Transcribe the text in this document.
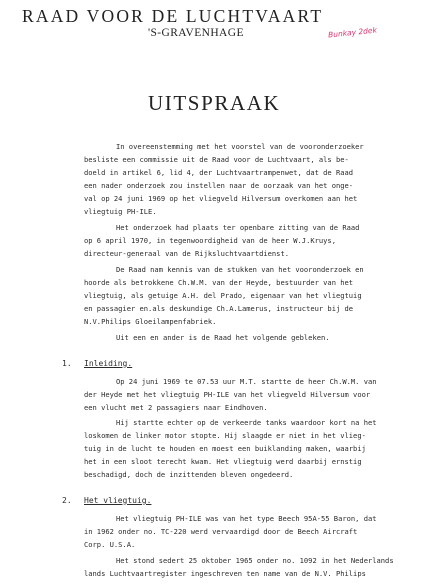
RAAD VOOR DE LUCHTVAART
'S-GRAVENHAGE	Bunkay 2dek
UITSPRAAK
In overeenstemming met het voorstel van de vooronderzoeker
besliste een commissie uit de Raad voor de Luchtvaart, als be-
doeld in artikel 6, lid 4, der Luchtvaartrampenwet, dat de Raad
een nader onderzoek zou instellen naar de oorzaak van het onge-
val op 24 juni 1969 op het vliegveld Hilversum overkomen aan het
vliegtuig PH-ILE.
Het onderzoek had plaats ter openbare zitting van de Raad
op 6 april 1970, in tegenwoordigheid van de heer W.J.Kruys,
directeur-generaal van de Rijksluchtvaartdienst.
De Raad nam kennis van de stukken van het vooronderzoek en
hoorde als betrokkene Ch.W.M. van der Heyde, bestuurder van het
vliegtuig, als getuige A.H. del Prado, eigenaar van het vliegtuig
en passagier en.als deskundige Ch.A.Lamerus, instructeur bij de
N.V.Philips Gloeilampenfabriek.
Uit een en ander is de Raad het volgende gebleken.
1. Inleiding.
Op 24 juni 1969 te 07.53 uur M.T. startte de heer Ch.W.M. van
der Heyde met het vliegtuig PH-ILE van het vliegveld Hilversum voor
een vlucht met 2 passagiers naar Eindhoven.
Hij startte echter op de verkeerde tanks waardoor kort na het
loskomen de linker motor stopte. Hij slaagde er niet in het vlieg-
tuig in de lucht te houden en moest een buiklanding maken, waarbij
het in een sloot terecht kwam. Het vliegtuig werd daarbij ernstig
beschadigd, doch de inzittenden bleven ongedeerd.
2. Het vliegtuig.
Het vliegtuig PH-ILE was van het type Beech 95A-55 Baron, dat
in 1962 onder no. TC-220 werd vervaardigd door de Beech Aircraft
Corp. U.S.A.
Het stond sedert 25 oktober 1965 onder no. 1092 in het Nederlands
lands Luchtvaartregister ingeschreven ten name van de N.V. Philips
